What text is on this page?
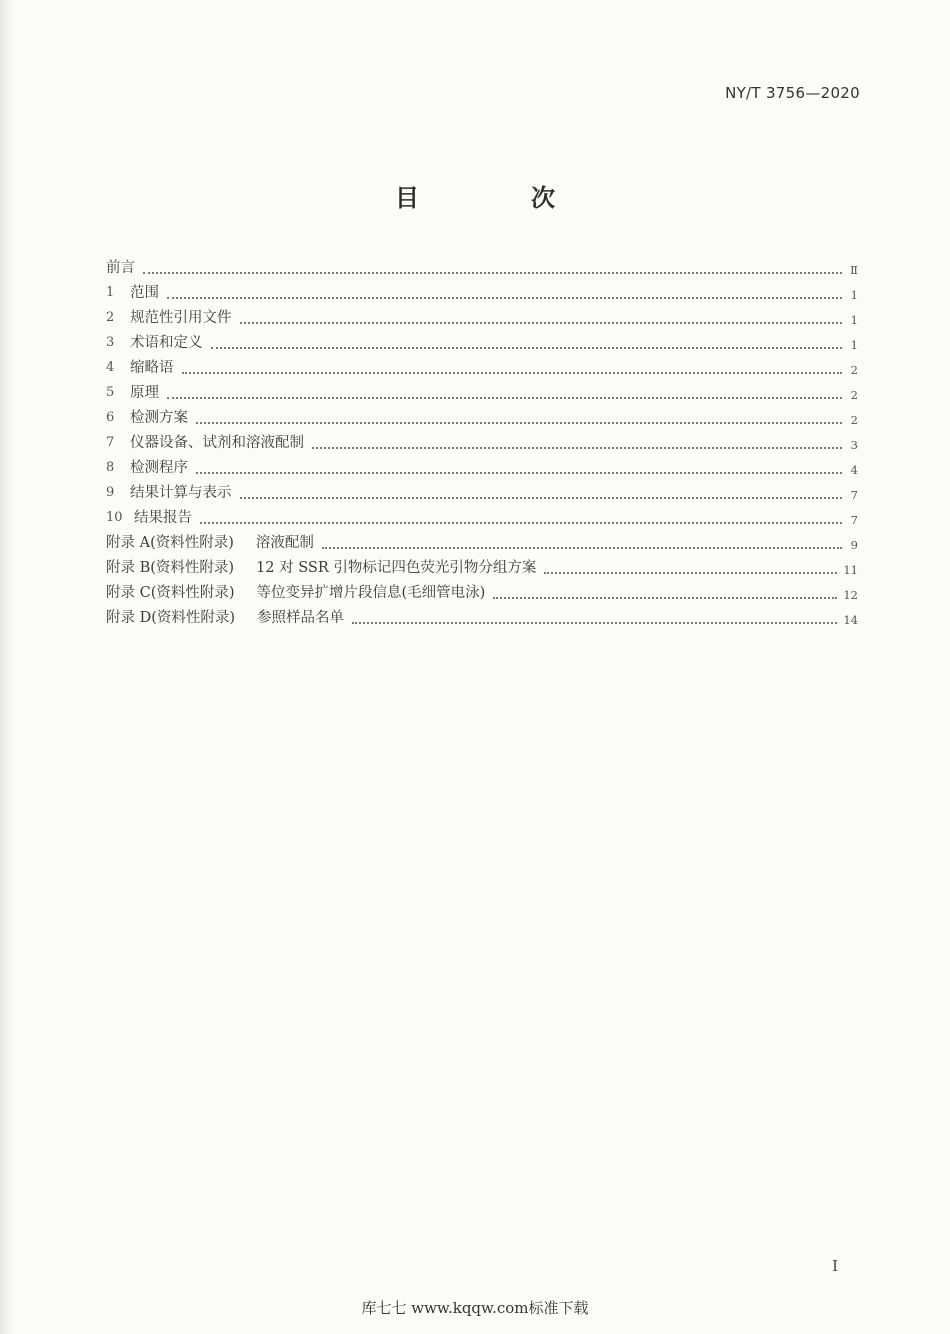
NY/T 3756—2020
目　次
前言	Ⅱ
1	范围	1
2	规范性引用文件	1
3	术语和定义	1
4	缩略语	2
5	原理	2
6	检测方案	2
7	仪器设备、试剂和溶液配制	3
8	检测程序	4
9	结果计算与表示	7
10 结果报告	7
附录 A(资料性附录) 溶液配制	9
附录 B(资料性附录) 12 对 SSR 引物标记四色荧光引物分组方案	11
附录 C(资料性附录) 等位变异扩增片段信息(毛细管电泳)	12
附录 D(资料性附录) 参照样品名单	14
I
库七七 www.kqqw.com标准下载
